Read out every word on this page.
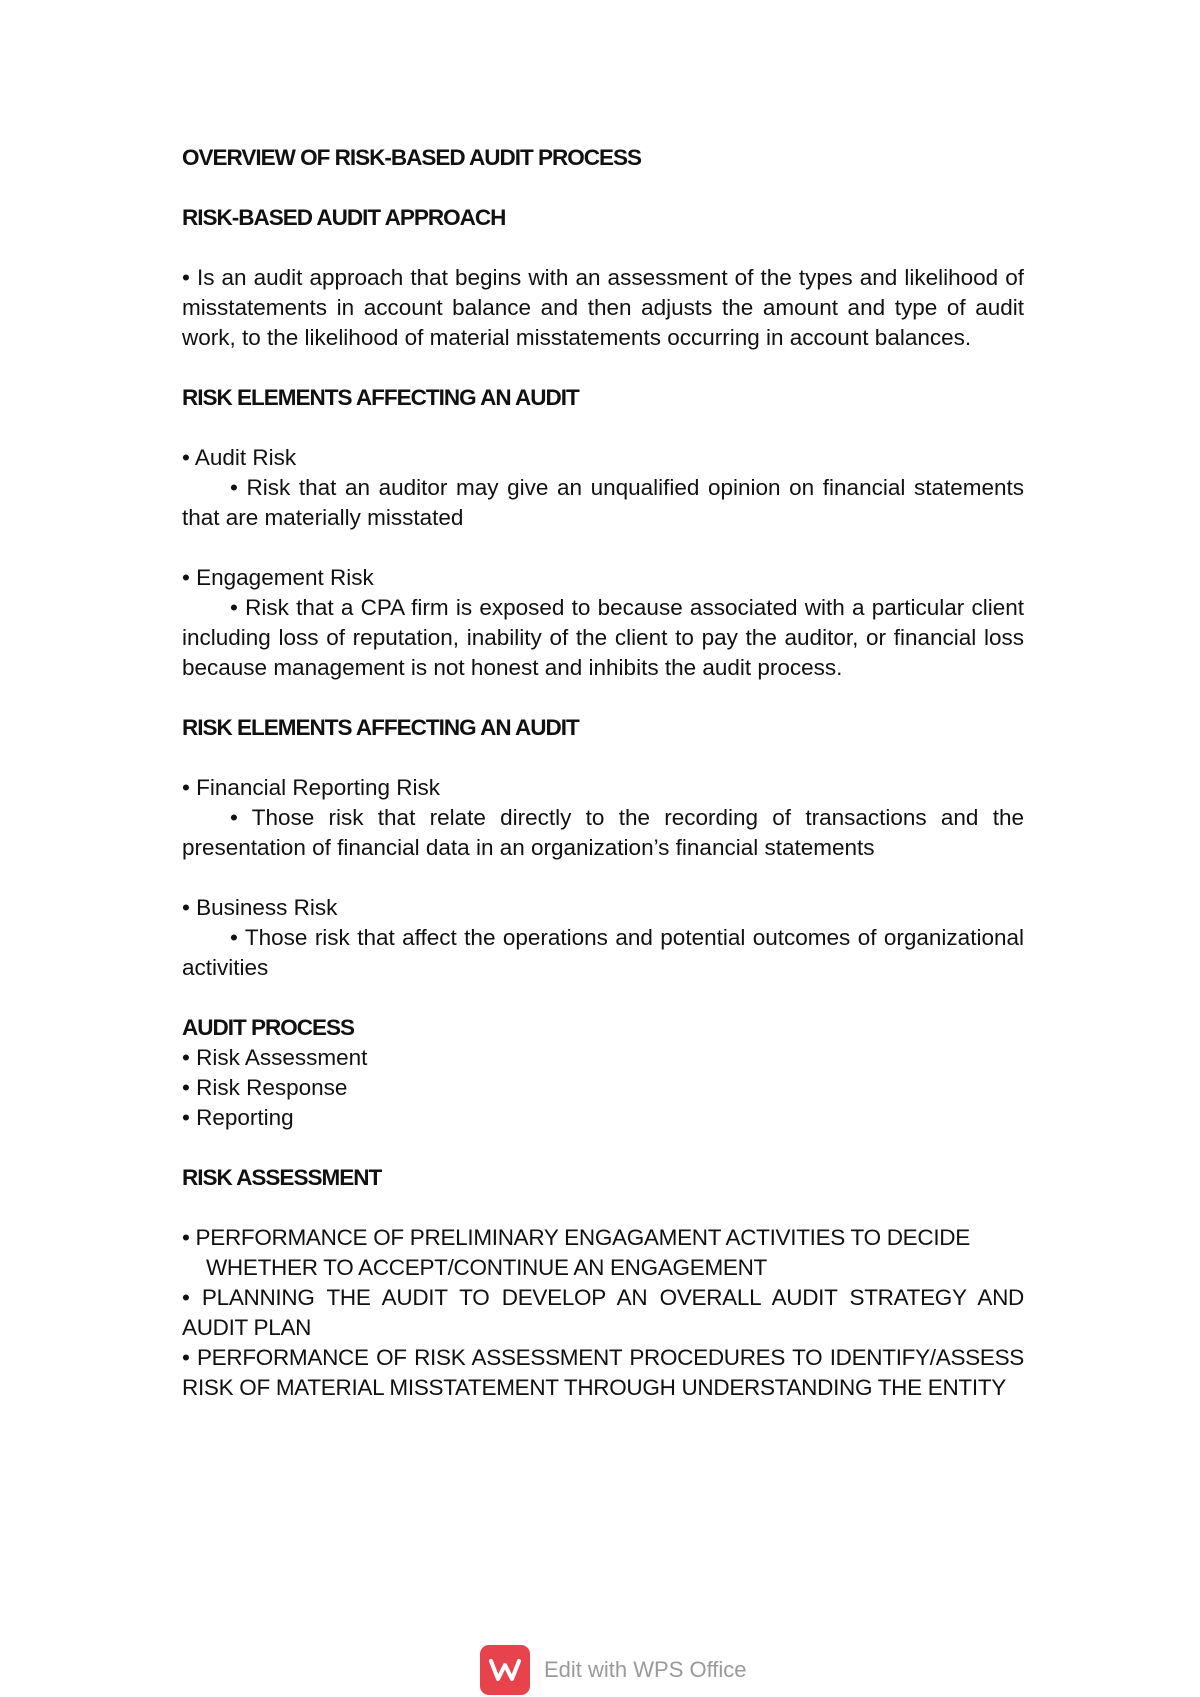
OVERVIEW OF RISK-BASED AUDIT PROCESS

RISK-BASED AUDIT APPROACH

• Is an audit approach that begins with an assessment of the types and likelihood of misstatements in account balance and then adjusts the amount and type of audit work, to the likelihood of material misstatements occurring in account balances.

RISK ELEMENTS AFFECTING AN AUDIT

• Audit Risk

• Risk that an auditor may give an unqualified opinion on financial statements that are materially misstated

• Engagement Risk

• Risk that a CPA firm is exposed to because associated with a particular client including loss of reputation, inability of the client to pay the auditor, or financial loss because management is not honest and inhibits the audit process.

RISK ELEMENTS AFFECTING AN AUDIT

• Financial Reporting Risk

• Those risk that relate directly to the recording of transactions and the presentation of financial data in an organization’s financial statements

• Business Risk

• Those risk that affect the operations and potential outcomes of organizational activities

AUDIT PROCESS

• Risk Assessment

• Risk Response

• Reporting

RISK ASSESSMENT

• PERFORMANCE OF PRELIMINARY ENGAGAMENT ACTIVITIES TO DECIDE WHETHER TO ACCEPT/CONTINUE AN ENGAGEMENT

• PLANNING THE AUDIT TO DEVELOP AN OVERALL AUDIT STRATEGY AND AUDIT PLAN

• PERFORMANCE OF RISK ASSESSMENT PROCEDURES TO IDENTIFY/ASSESS RISK OF MATERIAL MISSTATEMENT THROUGH UNDERSTANDING THE ENTITY

Edit with WPS Office
